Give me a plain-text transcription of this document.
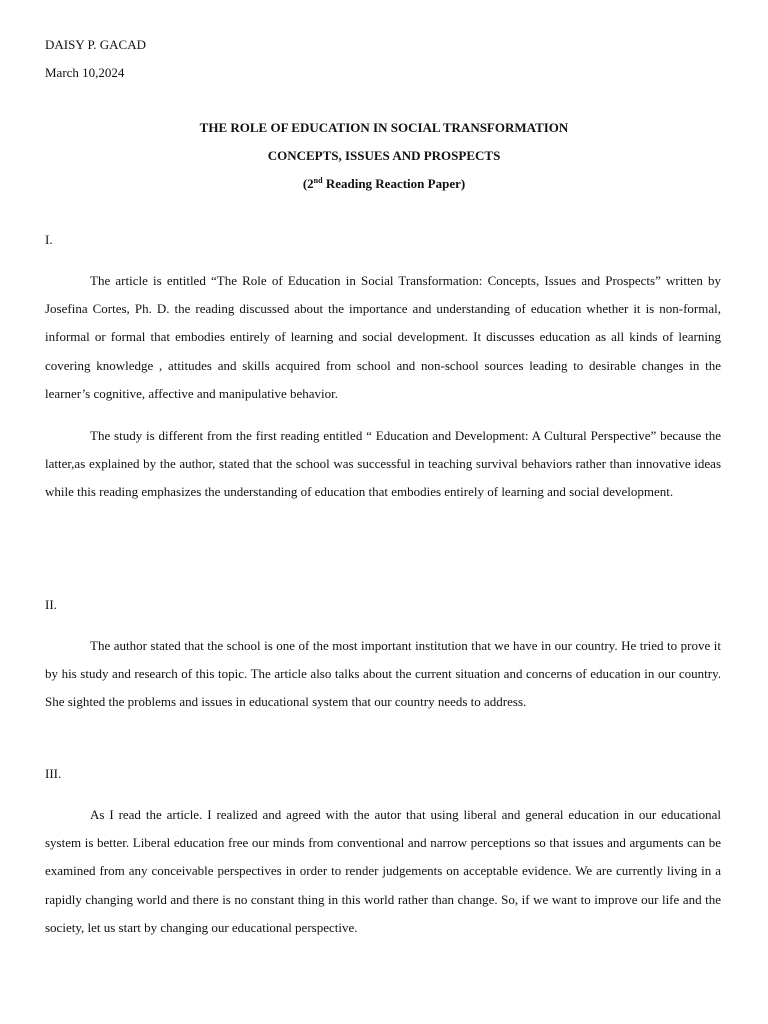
DAISY P. GACAD
March 10,2024
THE ROLE OF EDUCATION IN SOCIAL TRANSFORMATION
CONCEPTS, ISSUES AND PROSPECTS
(2nd Reading Reaction Paper)
I.

The article is entitled “The Role of Education in Social Transformation: Concepts, Issues and Prospects” written by Josefina Cortes, Ph. D. the reading discussed about the importance and understanding of education whether it is non-formal, informal or formal that embodies entirely of learning and social development. It discusses education as all kinds of learning covering knowledge , attitudes and skills acquired from school and non-school sources leading to desirable changes in the learner’s cognitive, affective and manipulative behavior.

The study is different from the first reading entitled “ Education and Development: A Cultural Perspective” because the latter,as explained by the author, stated that the school was successful in teaching survival behaviors rather than innovative ideas while this reading emphasizes the understanding of education that embodies entirely of learning and social development.

II.

The author stated that the school is one of the most important institution that we have in our country. He tried to prove it by his study and research of this topic. The article also talks about the current situation and concerns of education in our country. She sighted the problems and issues in educational system that our country needs to address.

III.

As I read the article. I realized and agreed with the autor that using liberal and general education in our educational system is better. Liberal education free our minds from conventional and narrow perceptions so that issues and arguments can be examined from any conceivable perspectives in order to render judgements on acceptable evidence. We are currently living in a rapidly changing world and there is no constant thing in this world rather than change. So, if we want to improve our life and the society, let us start by changing our educational perspective.
